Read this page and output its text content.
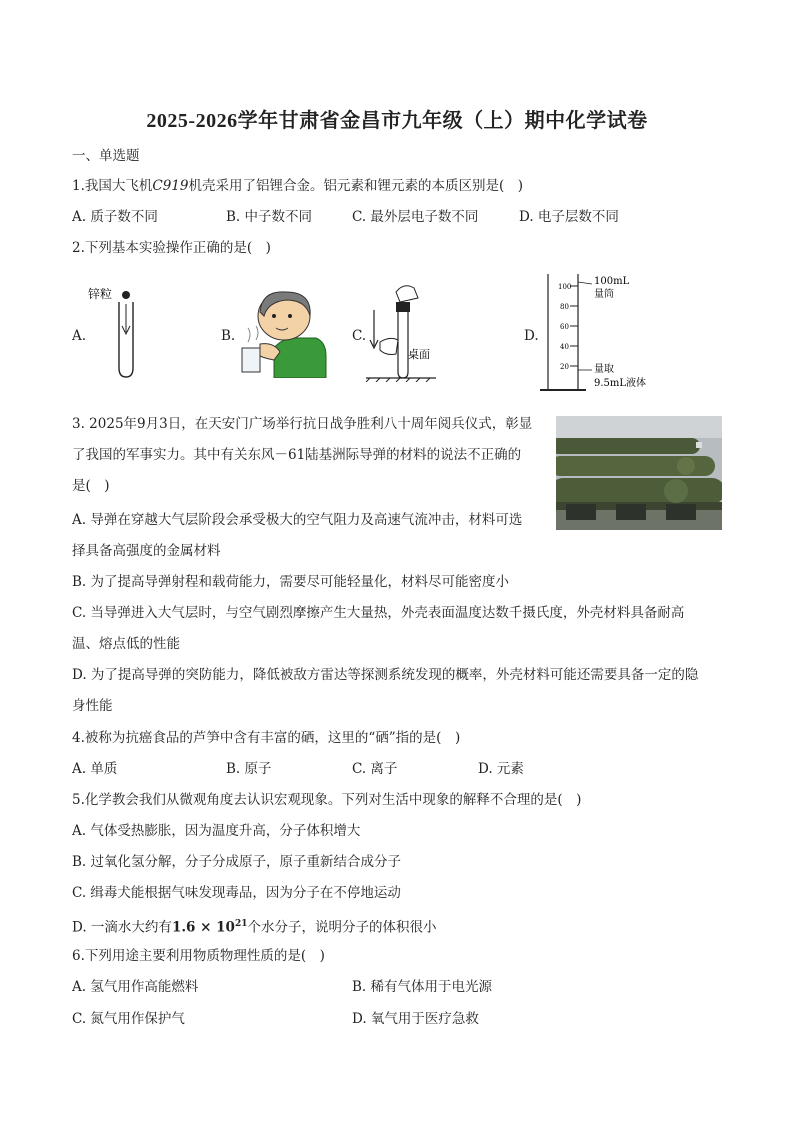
2025-2026学年甘肃省金昌市九年级（上）期中化学试卷
一、单选题
1.我国大飞机C919机壳采用了铝锂合金。铝元素和锂元素的本质区别是(　)
A. 质子数不同	B. 中子数不同	C. 最外层电子数不同	D. 电子层数不同
2.下列基本实验操作正确的是(　)
A.
锌粒
B.	C.
桌面
D.
100
80
60
40
20
100mL
量筒
量取
9.5mL液体
3. 2025年9月3日，在天安门广场举行抗日战争胜利八十周年阅兵仪式，彰显
了我国的军事实力。其中有关东风－61陆基洲际导弹的材料的说法不正确的
是(　)
A. 导弹在穿越大气层阶段会承受极大的空气阻力及高速气流冲击，材料可选
择具备高强度的金属材料
B. 为了提高导弹射程和载荷能力，需要尽可能轻量化，材料尽可能密度小
C. 当导弹进入大气层时，与空气剧烈摩擦产生大量热，外壳表面温度达数千摄氏度，外壳材料具备耐高
温、熔点低的性能
D. 为了提高导弹的突防能力，降低被敌方雷达等探测系统发现的概率，外壳材料可能还需要具备一定的隐
身性能
4.被称为抗癌食品的芦笋中含有丰富的硒，这里的“硒”指的是(　)
A. 单质	B. 原子	C. 离子	D. 元素
5.化学教会我们从微观角度去认识宏观现象。下列对生活中现象的解释不合理的是(　)
A. 气体受热膨胀，因为温度升高，分子体积增大
B. 过氧化氢分解，分子分成原子，原子重新结合成分子
C. 缉毒犬能根据气味发现毒品，因为分子在不停地运动
D. 一滴水大约有$1.6 \times 10^{21}$个水分子，说明分子的体积很小
6.下列用途主要利用物质物理性质的是(　)
A. 氢气用作高能燃料	B. 稀有气体用于电光源
C. 氮气用作保护气	D. 氧气用于医疗急救
